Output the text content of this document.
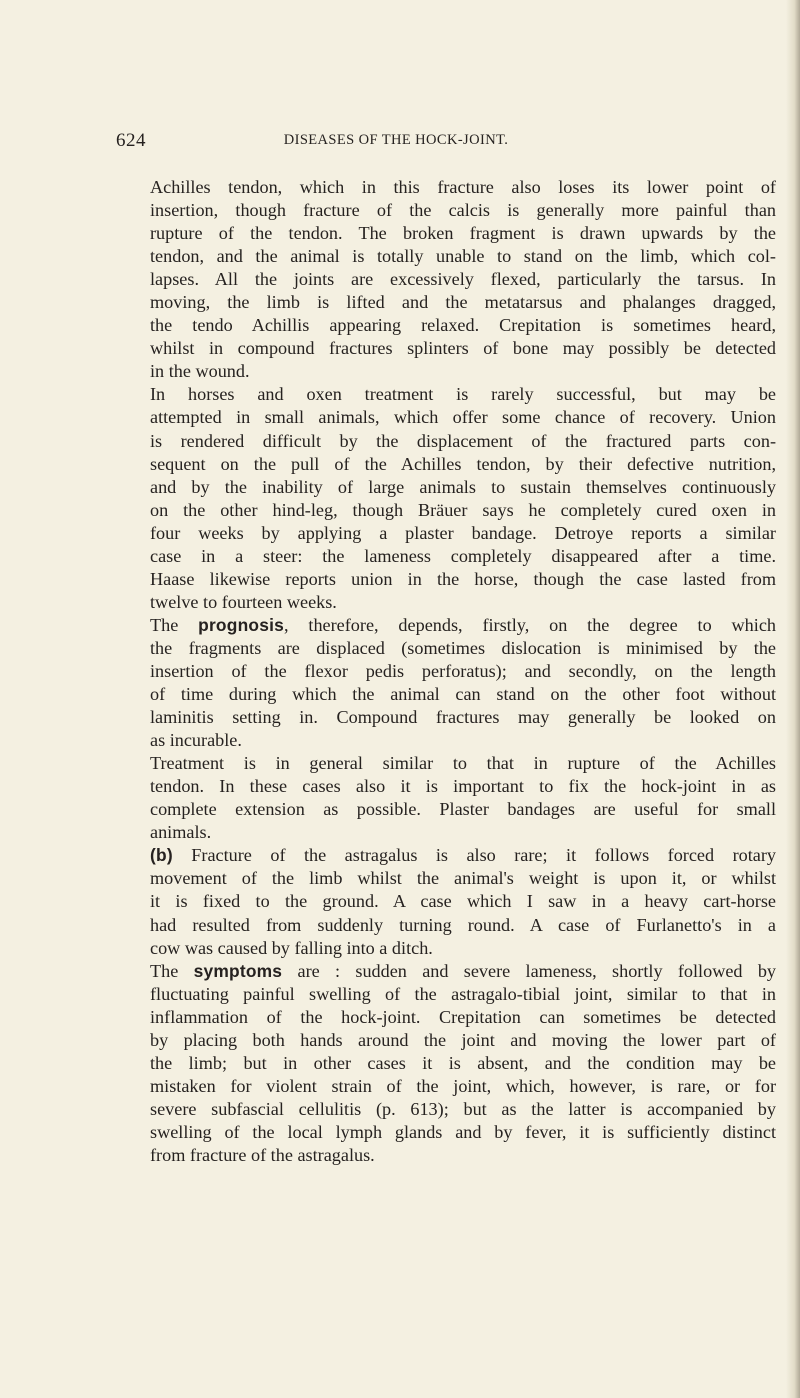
624	DISEASES OF THE HOCK-JOINT.

Achilles tendon, which in this fracture also loses its lower point of
insertion, though fracture of the calcis is generally more painful than
rupture of the tendon. The broken fragment is drawn upwards by the
tendon, and the animal is totally unable to stand on the limb, which col-
lapses. All the joints are excessively flexed, particularly the tarsus. In
moving, the limb is lifted and the metatarsus and phalanges dragged,
the tendo Achillis appearing relaxed. Crepitation is sometimes heard,
whilst in compound fractures splinters of bone may possibly be detected
in the wound.

In horses and oxen treatment is rarely successful, but may be
attempted in small animals, which offer some chance of recovery. Union
is rendered difficult by the displacement of the fractured parts con-
sequent on the pull of the Achilles tendon, by their defective nutrition,
and by the inability of large animals to sustain themselves continuously
on the other hind-leg, though Bräuer says he completely cured oxen in
four weeks by applying a plaster bandage. Detroye reports a similar
case in a steer: the lameness completely disappeared after a time.
Haase likewise reports union in the horse, though the case lasted from
twelve to fourteen weeks.

The prognosis, therefore, depends, firstly, on the degree to which
the fragments are displaced (sometimes dislocation is minimised by the
insertion of the flexor pedis perforatus); and secondly, on the length
of time during which the animal can stand on the other foot without
laminitis setting in. Compound fractures may generally be looked on
as incurable.

Treatment is in general similar to that in rupture of the Achilles
tendon. In these cases also it is important to fix the hock-joint in as
complete extension as possible. Plaster bandages are useful for small
animals.

(b) Fracture of the astragalus is also rare; it follows forced rotary
movement of the limb whilst the animal's weight is upon it, or whilst
it is fixed to the ground. A case which I saw in a heavy cart-horse
had resulted from suddenly turning round. A case of Furlanetto's in a
cow was caused by falling into a ditch.

The symptoms are : sudden and severe lameness, shortly followed by
fluctuating painful swelling of the astragalo-tibial joint, similar to that in
inflammation of the hock-joint. Crepitation can sometimes be detected
by placing both hands around the joint and moving the lower part of
the limb; but in other cases it is absent, and the condition may be
mistaken for violent strain of the joint, which, however, is rare, or for
severe subfascial cellulitis (p. 613); but as the latter is accompanied by
swelling of the local lymph glands and by fever, it is sufficiently distinct
from fracture of the astragalus.
